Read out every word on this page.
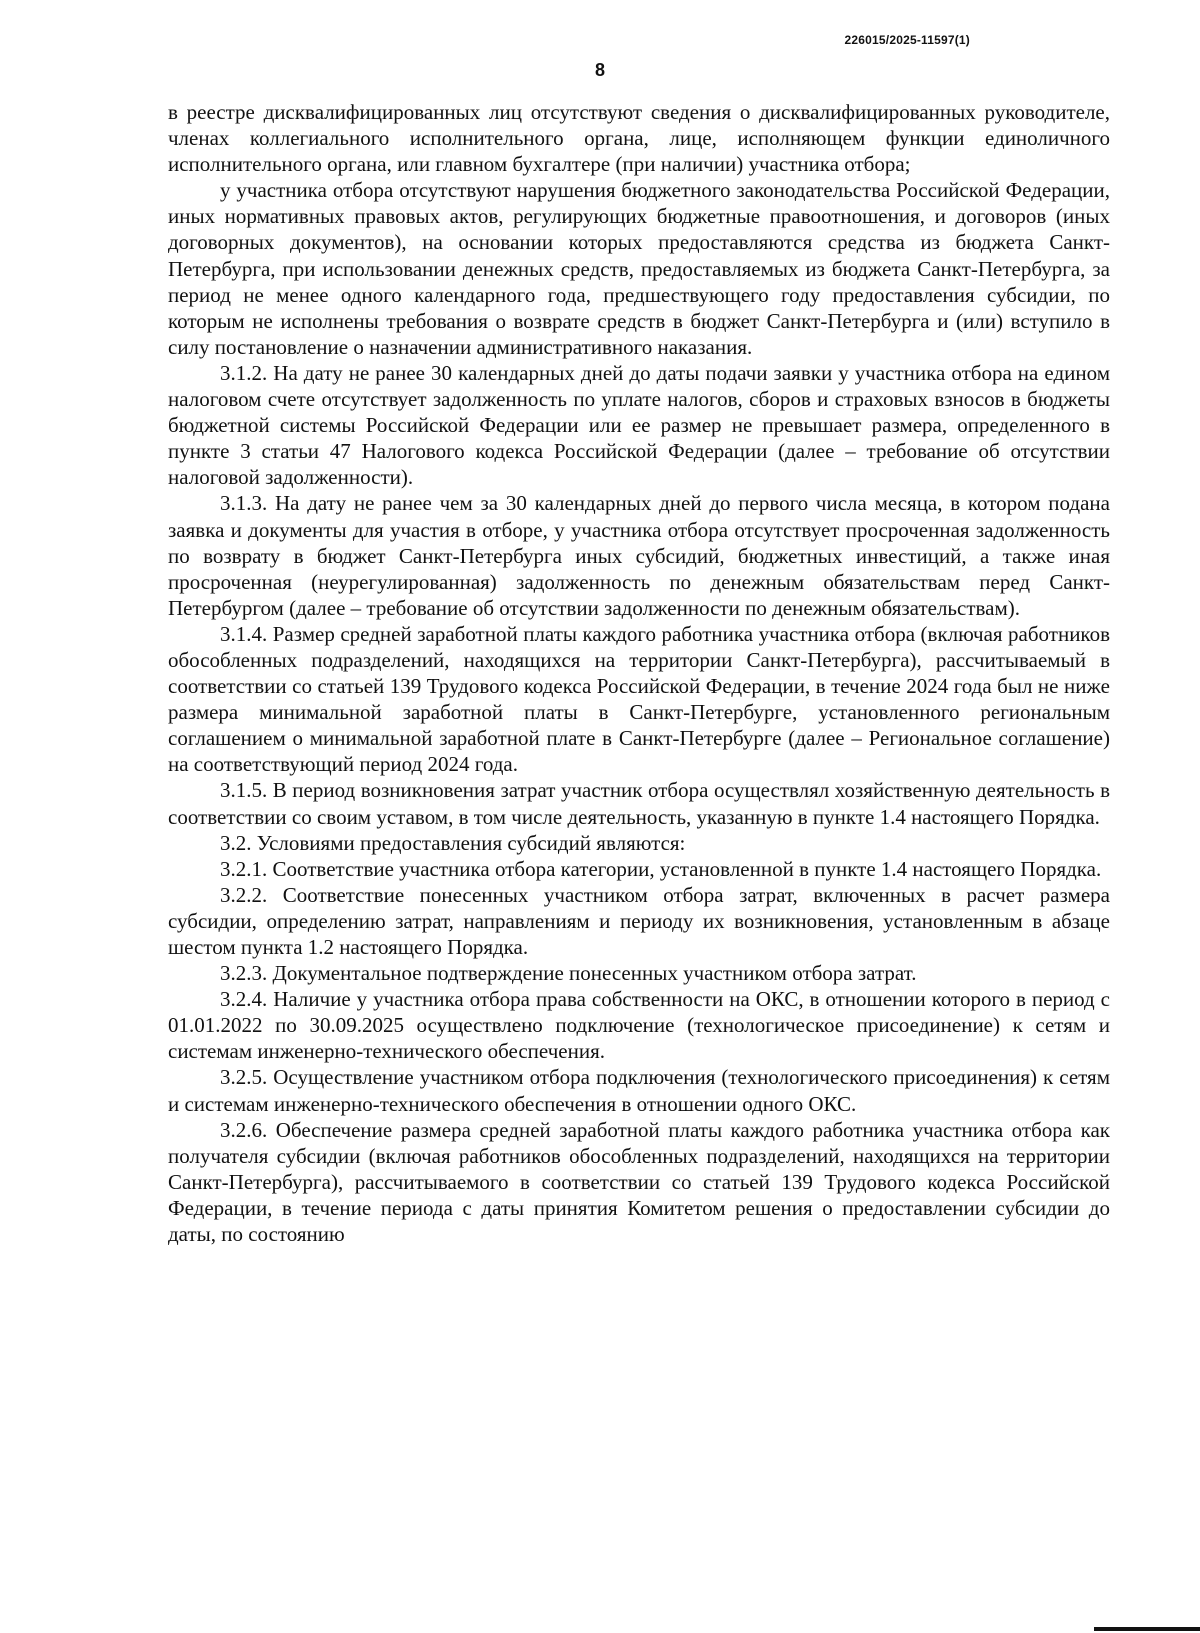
226015/2025-11597(1)
8

в реестре дисквалифицированных лиц отсутствуют сведения о дисквалифицированных руководителе, членах коллегиального исполнительного органа, лице, исполняющем функции единоличного исполнительного органа, или главном бухгалтере (при наличии) участника отбора;

у участника отбора отсутствуют нарушения бюджетного законодательства Российской Федерации, иных нормативных правовых актов, регулирующих бюджетные правоотношения, и договоров (иных договорных документов), на основании которых предоставляются средства из бюджета Санкт-Петербурга, при использовании денежных средств, предоставляемых из бюджета Санкт-Петербурга, за период не менее одного календарного года, предшествующего году предоставления субсидии, по которым не исполнены требования о возврате средств в бюджет Санкт-Петербурга и (или) вступило в силу постановление о назначении административного наказания.

3.1.2. На дату не ранее 30 календарных дней до даты подачи заявки у участника отбора на едином налоговом счете отсутствует задолженность по уплате налогов, сборов и страховых взносов в бюджеты бюджетной системы Российской Федерации или ее размер не превышает размера, определенного в пункте 3 статьи 47 Налогового кодекса Российской Федерации (далее – требование об отсутствии налоговой задолженности).

3.1.3. На дату не ранее чем за 30 календарных дней до первого числа месяца, в котором подана заявка и документы для участия в отборе, у участника отбора отсутствует просроченная задолженность по возврату в бюджет Санкт-Петербурга иных субсидий, бюджетных инвестиций, а также иная просроченная (неурегулированная) задолженность по денежным обязательствам перед Санкт-Петербургом (далее – требование об отсутствии задолженности по денежным обязательствам).

3.1.4. Размер средней заработной платы каждого работника участника отбора (включая работников обособленных подразделений, находящихся на территории Санкт-Петербурга), рассчитываемый в соответствии со статьей 139 Трудового кодекса Российской Федерации, в течение 2024 года был не ниже размера минимальной заработной платы в Санкт-Петербурге, установленного региональным соглашением о минимальной заработной плате в Санкт-Петербурге (далее – Региональное соглашение) на соответствующий период 2024 года.

3.1.5. В период возникновения затрат участник отбора осуществлял хозяйственную деятельность в соответствии со своим уставом, в том числе деятельность, указанную в пункте 1.4 настоящего Порядка.

3.2. Условиями предоставления субсидий являются:

3.2.1. Соответствие участника отбора категории, установленной в пункте 1.4 настоящего Порядка.

3.2.2. Соответствие понесенных участником отбора затрат, включенных в расчет размера субсидии, определению затрат, направлениям и периоду их возникновения, установленным в абзаце шестом пункта 1.2 настоящего Порядка.

3.2.3. Документальное подтверждение понесенных участником отбора затрат.

3.2.4. Наличие у участника отбора права собственности на ОКС, в отношении которого в период с 01.01.2022 по 30.09.2025 осуществлено подключение (технологическое присоединение) к сетям и системам инженерно-технического обеспечения.

3.2.5. Осуществление участником отбора подключения (технологического присоединения) к сетям и системам инженерно-технического обеспечения в отношении одного ОКС.

3.2.6. Обеспечение размера средней заработной платы каждого работника участника отбора как получателя субсидии (включая работников обособленных подразделений, находящихся на территории Санкт-Петербурга), рассчитываемого в соответствии со статьей 139 Трудового кодекса Российской Федерации, в течение периода с даты принятия Комитетом решения о предоставлении субсидии до даты, по состоянию
